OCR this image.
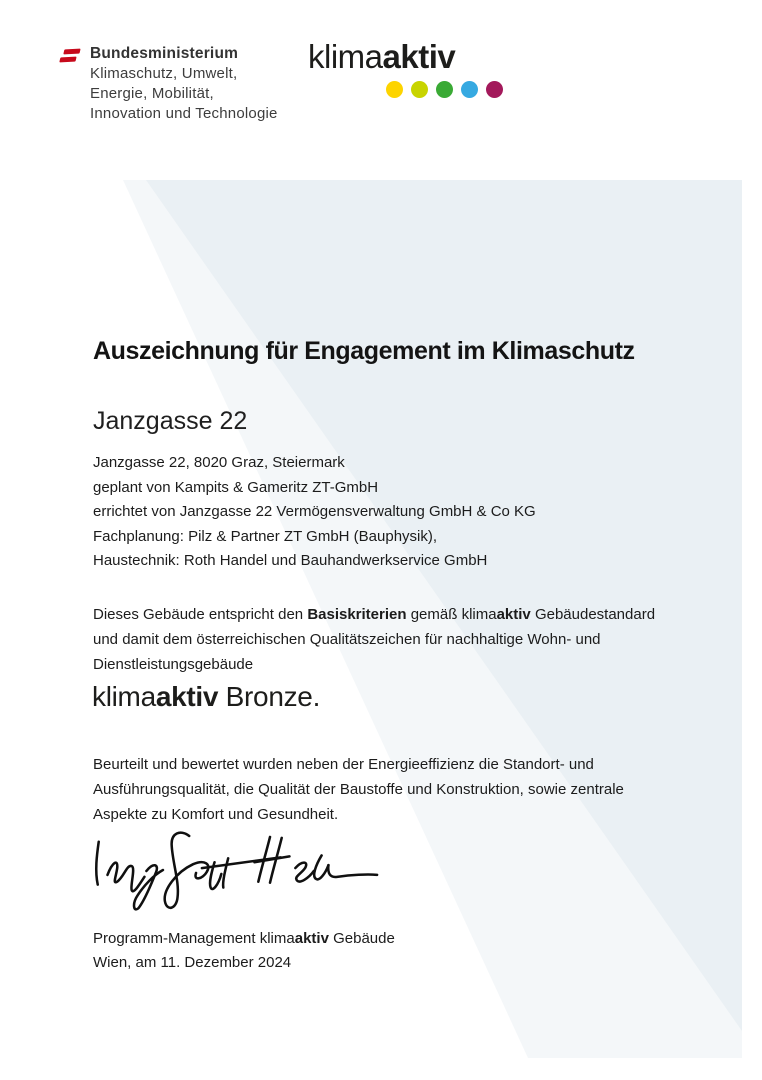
Bundesministerium
Klimaschutz, Umwelt,
Energie, Mobilität,
Innovation und Technologie
klimaaktiv
Auszeichnung für Engagement im Klimaschutz
Janzgasse 22
Janzgasse 22, 8020 Graz, Steiermark
geplant von Kampits & Gameritz ZT-GmbH
errichtet von Janzgasse 22 Vermögensverwaltung GmbH & Co KG
Fachplanung: Pilz & Partner ZT GmbH (Bauphysik),
Haustechnik: Roth Handel und Bauhandwerkservice GmbH
Dieses Gebäude entspricht den Basiskriterien gemäß klimaaktiv Gebäudestandard
und damit dem österreichischen Qualitätszeichen für nachhaltige Wohn- und
Dienstleistungsgebäude
klimaaktiv Bronze.
Beurteilt und bewertet wurden neben der Energieeffizienz die Standort- und
Ausführungsqualität, die Qualität der Baustoffe und Konstruktion, sowie zentrale
Aspekte zu Komfort und Gesundheit.
Programm-Management klimaaktiv Gebäude
Wien, am 11. Dezember 2024
